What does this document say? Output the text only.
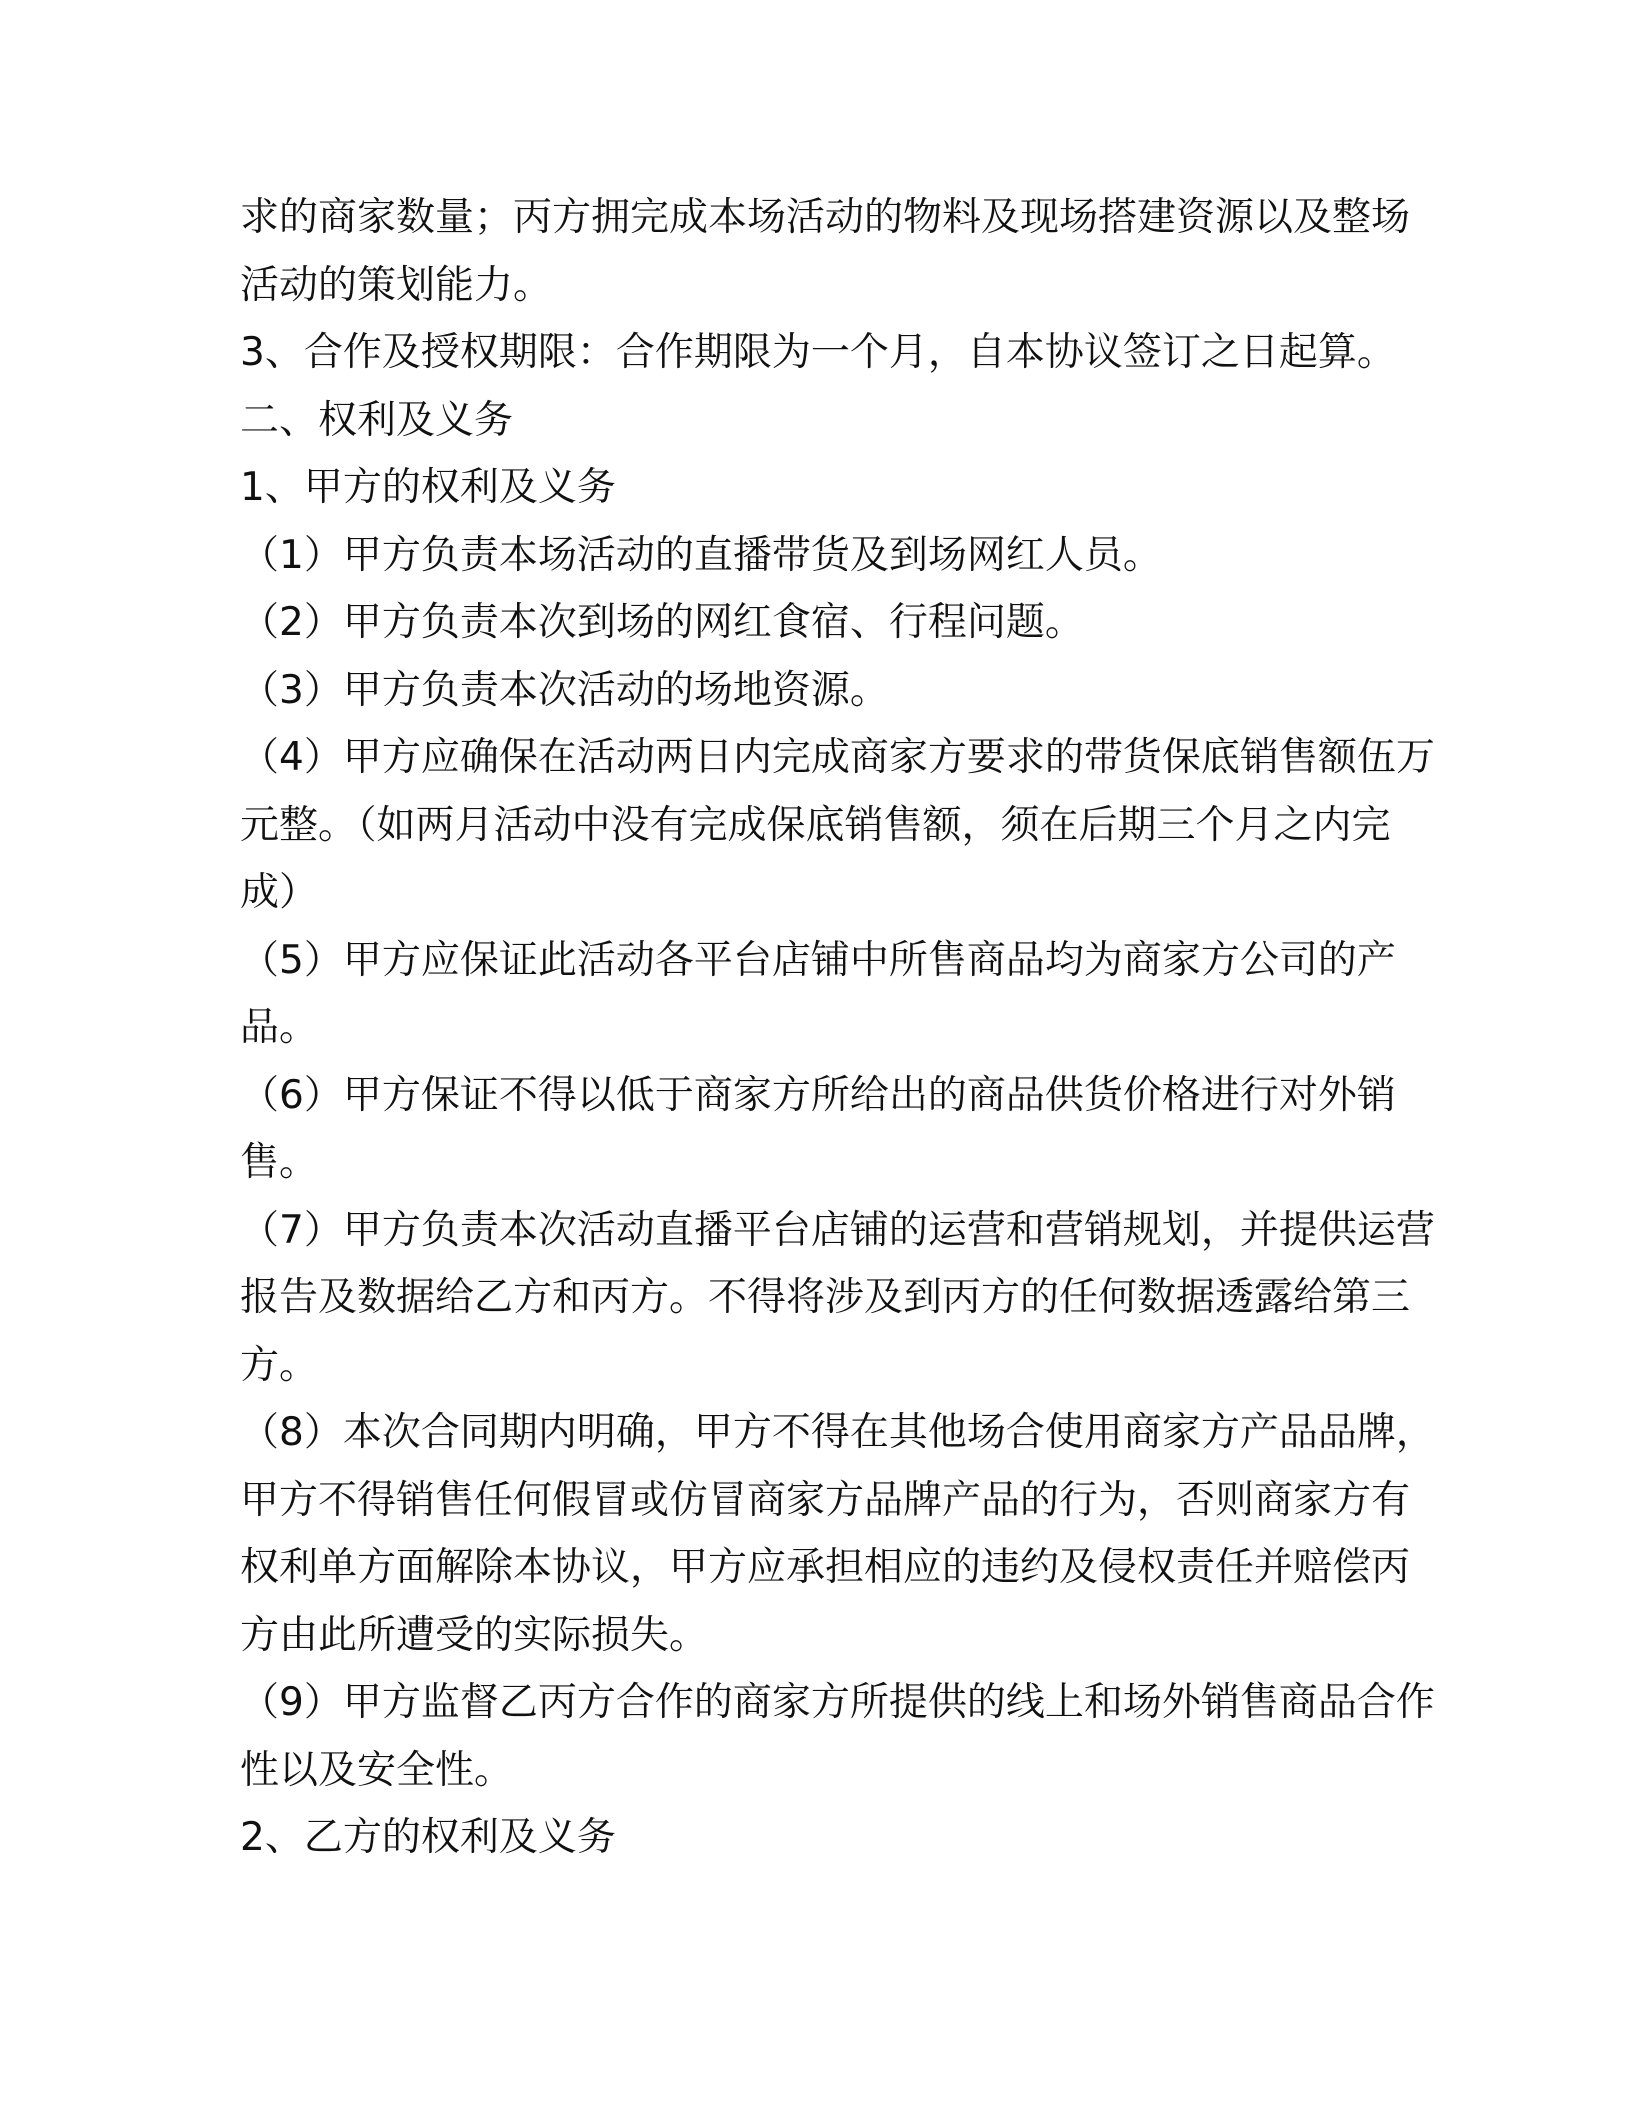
求的商家数量；丙方拥完成本场活动的物料及现场搭建资源以及整场
活动的策划能力。
3、合作及授权期限：合作期限为一个月，自本协议签订之日起算。
二、权利及义务
1、甲方的权利及义务
（1）甲方负责本场活动的直播带货及到场网红人员。
（2）甲方负责本次到场的网红食宿、行程问题。
（3）甲方负责本次活动的场地资源。
（4）甲方应确保在活动两日内完成商家方要求的带货保底销售额伍万
元整。（如两月活动中没有完成保底销售额，须在后期三个月之内完
成）
（5）甲方应保证此活动各平台店铺中所售商品均为商家方公司的产
品。
（6）甲方保证不得以低于商家方所给出的商品供货价格进行对外销
售。
（7）甲方负责本次活动直播平台店铺的运营和营销规划，并提供运营
报告及数据给乙方和丙方。不得将涉及到丙方的任何数据透露给第三
方。
（8）本次合同期内明确，甲方不得在其他场合使用商家方产品品牌，
甲方不得销售任何假冒或仿冒商家方品牌产品的行为，否则商家方有
权利单方面解除本协议，甲方应承担相应的违约及侵权责任并赔偿丙
方由此所遭受的实际损失。
（9）甲方监督乙丙方合作的商家方所提供的线上和场外销售商品合作
性以及安全性。
2、乙方的权利及义务
